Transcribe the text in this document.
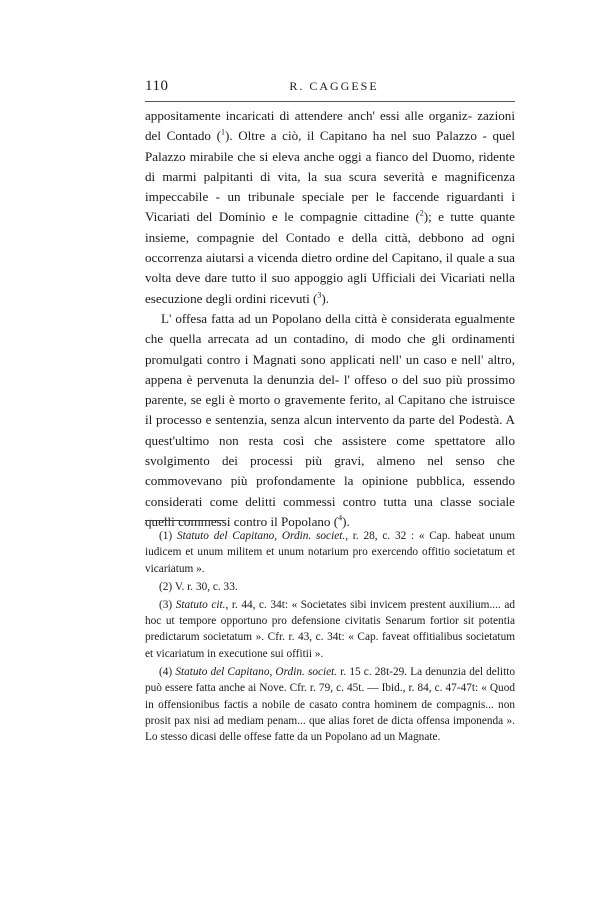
110	R. CAGGESE

appositamente incaricati di attendere anch' essi alle organiz- zazioni del Contado ($^1$). Oltre a ciò, il Capitano ha nel suo Palazzo - quel Palazzo mirabile che si eleva anche oggi a fianco del Duomo, ridente di marmi palpitanti di vita, la sua scura severità e magnificenza impeccabile - un tribunale speciale per le faccende riguardanti i Vicariati del Dominio e le compagnie cittadine ($^2$); e tutte quante insieme, compagnie del Contado e della città, debbono ad ogni occorrenza aiutarsi a vicenda dietro ordine del Capitano, il quale a sua volta deve dare tutto il suo appoggio agli Ufficiali dei Vicariati nella esecuzione degli ordini ricevuti ($^3$).

L' offesa fatta ad un Popolano della città è considerata egualmente che quella arrecata ad un contadino, di modo che gli ordinamenti promulgati contro i Magnati sono applicati nell' un caso e nell' altro, appena è pervenuta la denunzia del- l' offeso o del suo più prossimo parente, se egli è morto o gravemente ferito, al Capitano che istruisce il processo e sentenzia, senza alcun intervento da parte del Podestà. A quest'ultimo non resta così che assistere come spettatore allo svolgimento dei processi più gravi, almeno nel senso che commovevano più profondamente la opinione pubblica, essendo considerati come delitti commessi contro tutta una classe sociale quelli commessi contro il Popolano ($^4$).

(1) Statuto del Capitano, Ordin. societ., r. 28, c. 32 : « Cap. habeat unum iudicem et unum militem et unum notarium pro exercendo offitio societatum et vicariatum ».

(2) V. r. 30, c. 33.

(3) Statuto cit., r. 44, c. 34t: « Societates sibi invicem prestent auxilium.... ad hoc ut tempore opportuno pro defensione civitatis Senarum fortior sit potentia predictarum societatum ». Cfr. r. 43, c. 34t: « Cap. faveat offitialibus societatum et vicariatum in executione sui offitii ».

(4) Statuto del Capitano, Ordin. societ. r. 15 c. 28t-29. La denunzia del delitto può essere fatta anche ai Nove. Cfr. r. 79, c. 45t. — Ibid., r. 84, c. 47-47t: « Quod in offensionibus factis a nobile de casato contra hominem de compagnis... non prosit pax nisi ad mediam penam... que alias foret de dicta offensa imponenda ». Lo stesso dicasi delle offese fatte da un Popolano ad un Magnate.
